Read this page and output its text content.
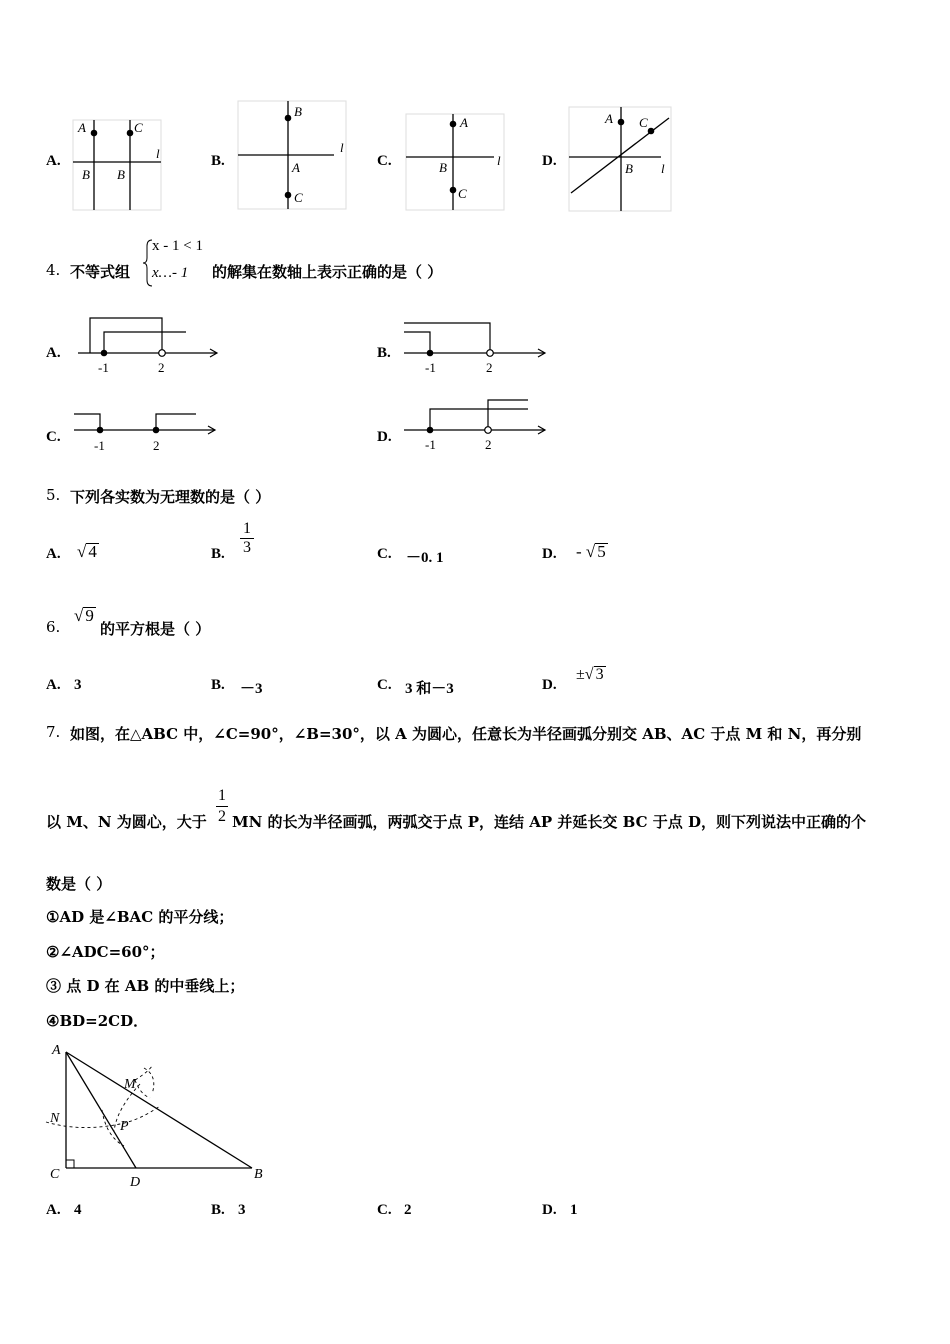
A.
A	C
B B
l	B.
B
A
C
l
C.
A
B
C
l	D.
A C
B l
4. 不等式组
x - 1 < 1
x…- 1 的解集在数轴上表示正确的是（ ）
A.
-1	2
B.
-1	2
C.
-1	2
D.	-1	2
5. 下列各实数为无理数的是（ ）
A. √ 4	B. $\frac{1}{3}$	C. －0. 1	D. - √ 5
6.
√ 9
的平方根是（ ）
A. 3	B. －3	C. 3 和－3	D.
±√ 3
7. 如图，在△ABC 中，∠C=90°，∠B=30°，以 A 为圆心，任意长为半径画弧分别交 AB、AC 于点 M 和 N，再分别
以 M、N 为圆心，大于 $\frac{1}{2}$ MN 的长为半径画弧，两弧交于点 P，连结 AP 并延长交 BC 于点 D，则下列说法中正确的个
数是（ ）
①AD 是∠BAC 的平分线；
②∠ADC=60°；
③ 点 D 在 AB 的中垂线上；
④BD=2CD．
A
M
N
P
C
D
B
A. 4	B. 3	C. 2	D. 1
